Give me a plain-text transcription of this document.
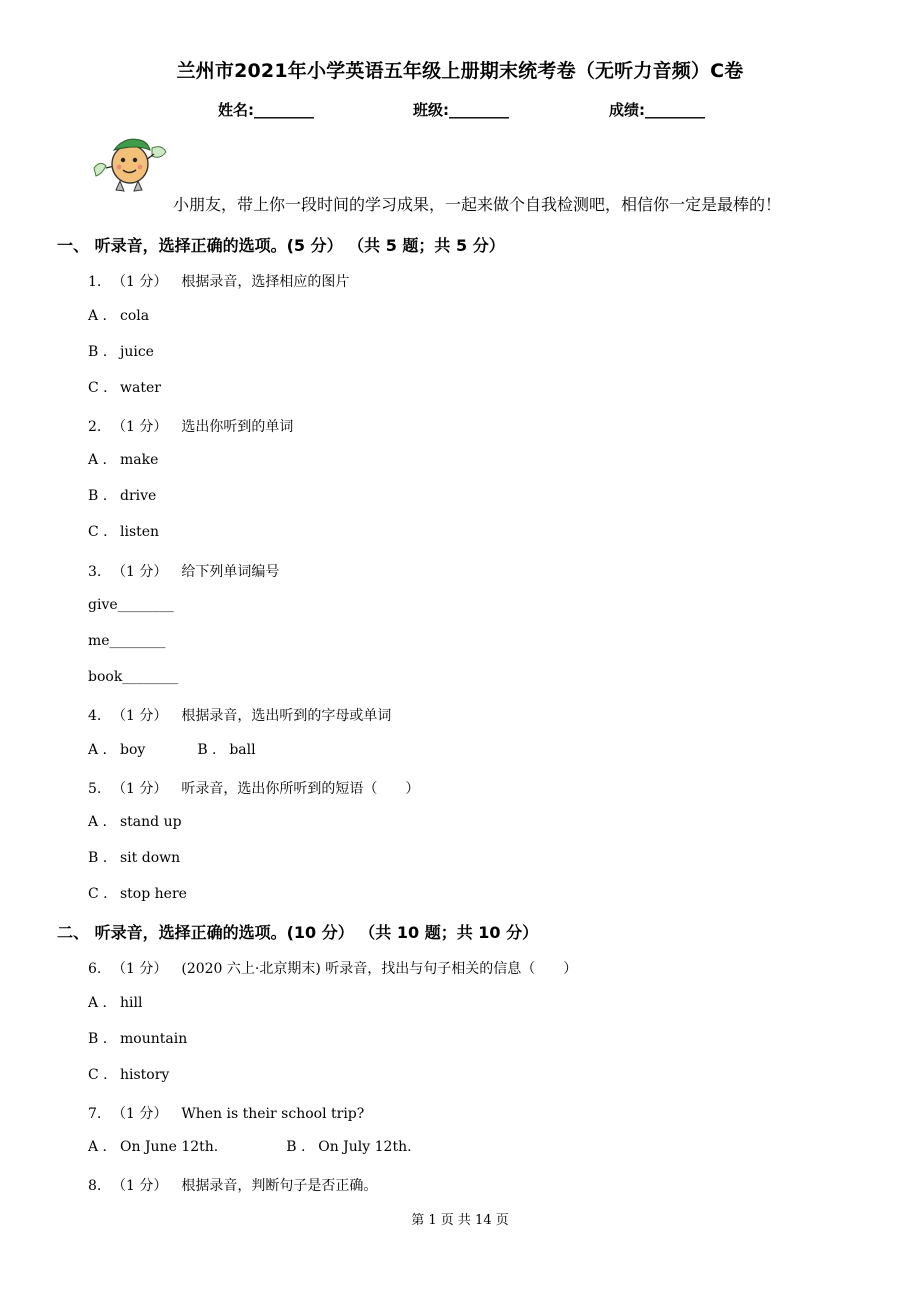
兰州市2021年小学英语五年级上册期末统考卷（无听力音频）C卷
姓名:________	班级:________	成绩:________
小朋友，带上你一段时间的学习成果，一起来做个自我检测吧，相信你一定是最棒的！
一、 听录音，选择正确的选项。(5 分） （共 5 题；共 5 分）
1. （1 分） 根据录音，选择相应的图片
A . cola
B . juice
C . water
2. （1 分） 选出你听到的单词
A . make
B . drive
C . listen
3. （1 分） 给下列单词编号
give________
me________
book________
4. （1 分） 根据录音，选出听到的字母或单词
A . boy	B . ball
5. （1 分） 听录音，选出你所听到的短语（　　）
A . stand up
B . sit down
C . stop here
二、 听录音，选择正确的选项。(10 分） （共 10 题；共 10 分）
6. （1 分） (2020 六上·北京期末) 听录音，找出与句子相关的信息（　　）
A . hill
B . mountain
C . history
7. （1 分） When is their school trip?
A . On June 12th.	B . On July 12th.
8. （1 分） 根据录音，判断句子是否正确。
第 1 页 共 14 页
